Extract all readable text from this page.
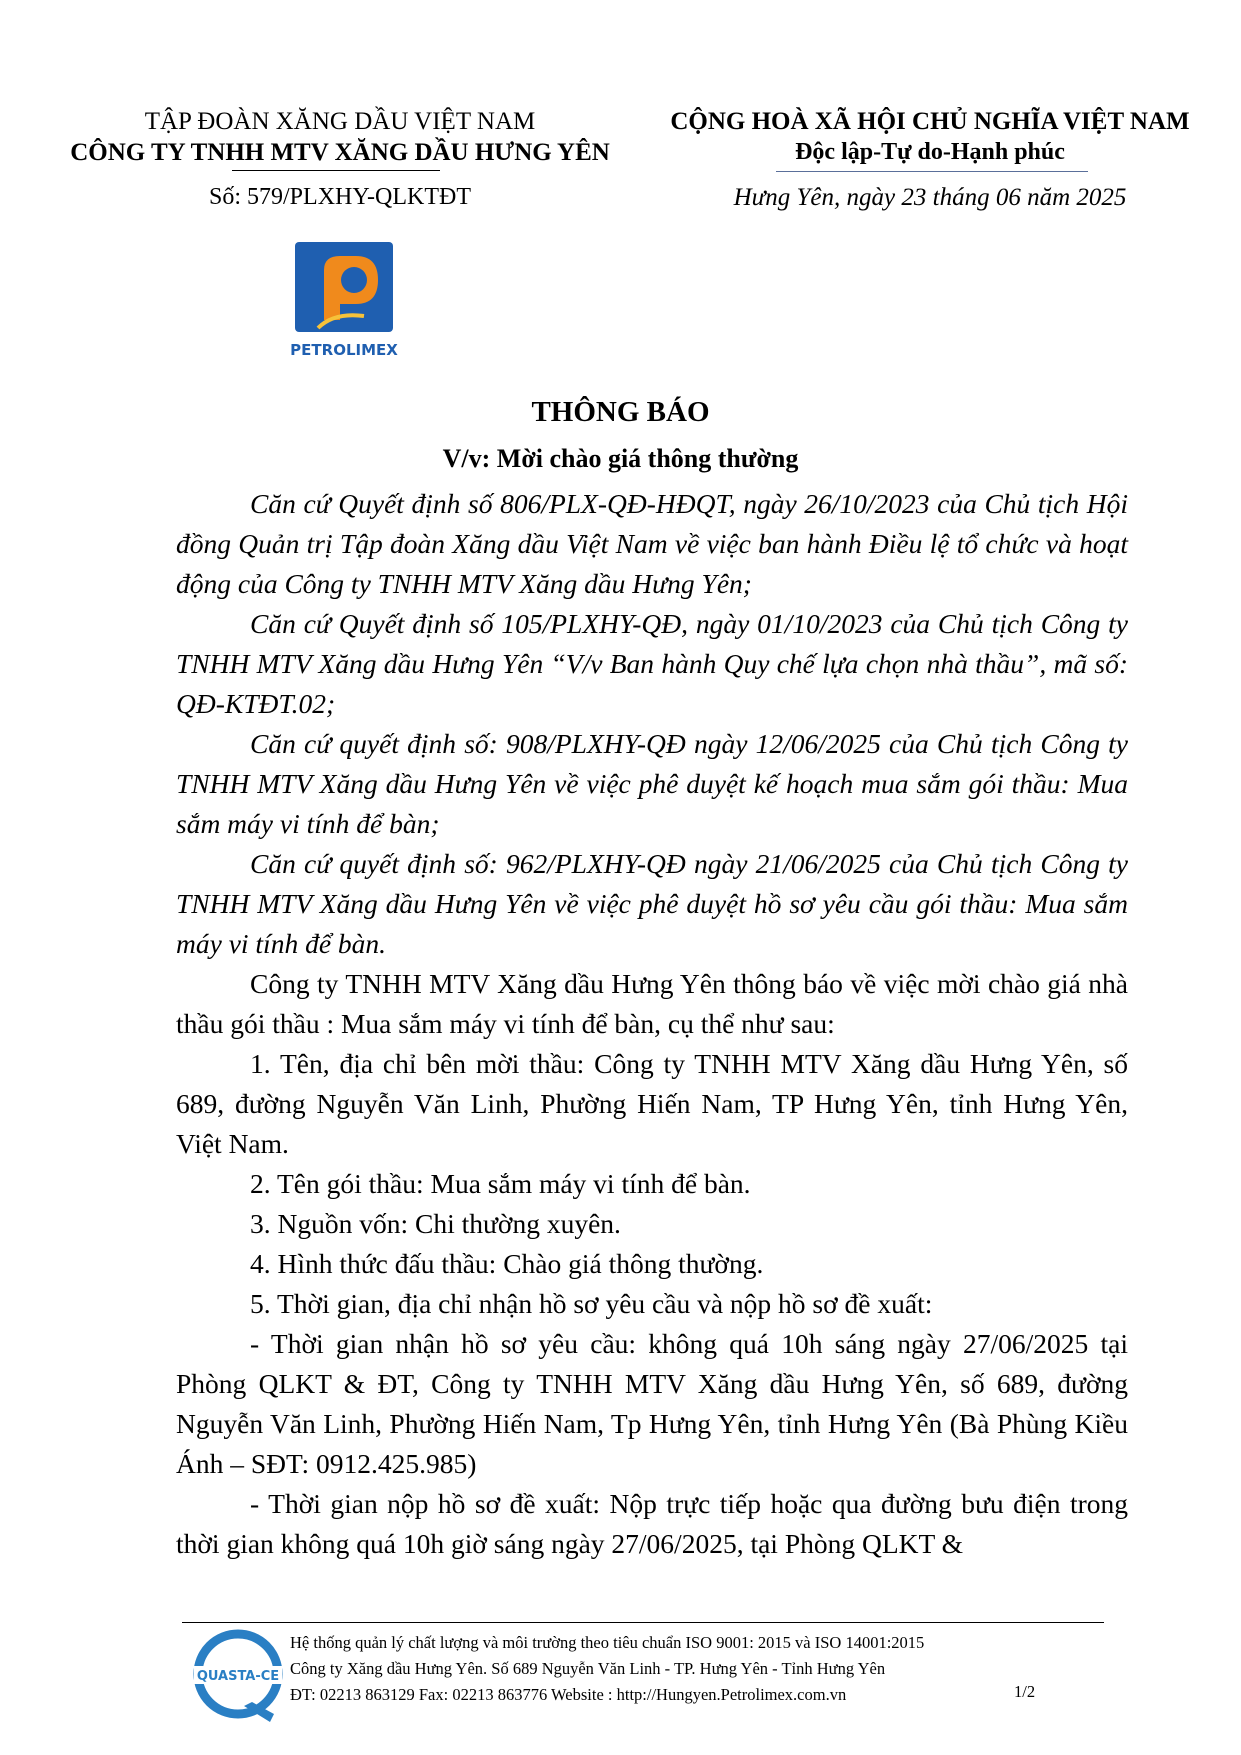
TẬP ĐOÀN XĂNG DẦU VIỆT NAM
CÔNG TY TNHH MTV XĂNG DẦU HƯNG YÊN
Số: 579/PLXHY-QLKTĐT
CỘNG HOÀ XÃ HỘI CHỦ NGHĨA VIỆT NAM
Độc lập-Tự do-Hạnh phúc
Hưng Yên, ngày 23 tháng 06 năm 2025
PETROLIMEX
THÔNG BÁO
V/v: Mời chào giá thông thường

Căn cứ Quyết định số 806/PLX-QĐ-HĐQT, ngày 26/10/2023 của Chủ tịch Hội đồng Quản trị Tập đoàn Xăng dầu Việt Nam về việc ban hành Điều lệ tổ chức và hoạt động của Công ty TNHH MTV Xăng dầu Hưng Yên;

Căn cứ Quyết định số 105/PLXHY-QĐ, ngày 01/10/2023 của Chủ tịch Công ty TNHH MTV Xăng dầu Hưng Yên “V/v Ban hành Quy chế lựa chọn nhà thầu”, mã số: QĐ-KTĐT.02;

Căn cứ quyết định số: 908/PLXHY-QĐ ngày 12/06/2025 của Chủ tịch Công ty TNHH MTV Xăng dầu Hưng Yên về việc phê duyệt kế hoạch mua sắm gói thầu: Mua sắm máy vi tính để bàn;

Căn cứ quyết định số: 962/PLXHY-QĐ ngày 21/06/2025 của Chủ tịch Công ty TNHH MTV Xăng dầu Hưng Yên về việc phê duyệt hồ sơ yêu cầu gói thầu: Mua sắm máy vi tính để bàn.

Công ty TNHH MTV Xăng dầu Hưng Yên thông báo về việc mời chào giá nhà thầu gói thầu : Mua sắm máy vi tính để bàn, cụ thể như sau:

1. Tên, địa chỉ bên mời thầu: Công ty TNHH MTV Xăng dầu Hưng Yên, số 689, đường Nguyễn Văn Linh, Phường Hiến Nam, TP Hưng Yên, tỉnh Hưng Yên, Việt Nam.

2. Tên gói thầu: Mua sắm máy vi tính để bàn.

3. Nguồn vốn: Chi thường xuyên.

4. Hình thức đấu thầu: Chào giá thông thường.

5. Thời gian, địa chỉ nhận hồ sơ yêu cầu và nộp hồ sơ đề xuất:

- Thời gian nhận hồ sơ yêu cầu: không quá 10h sáng ngày 27/06/2025 tại Phòng QLKT & ĐT, Công ty TNHH MTV Xăng dầu Hưng Yên, số 689, đường Nguyễn Văn Linh, Phường Hiến Nam, Tp Hưng Yên, tỉnh Hưng Yên (Bà Phùng Kiều Ánh – SĐT: 0912.425.985)

- Thời gian nộp hồ sơ đề xuất: Nộp trực tiếp hoặc qua đường bưu điện trong thời gian không quá 10h giờ sáng ngày 27/06/2025, tại Phòng QLKT &

QUASTA-CE
Hệ thống quản lý chất lượng và môi trường theo tiêu chuẩn ISO 9001: 2015 và ISO 14001:2015
Công ty Xăng dầu Hưng Yên. Số 689 Nguyễn Văn Linh - TP. Hưng Yên - Tỉnh Hưng Yên
ĐT: 02213 863129 Fax: 02213 863776 Website : http://Hungyen.Petrolimex.com.vn	1/2
